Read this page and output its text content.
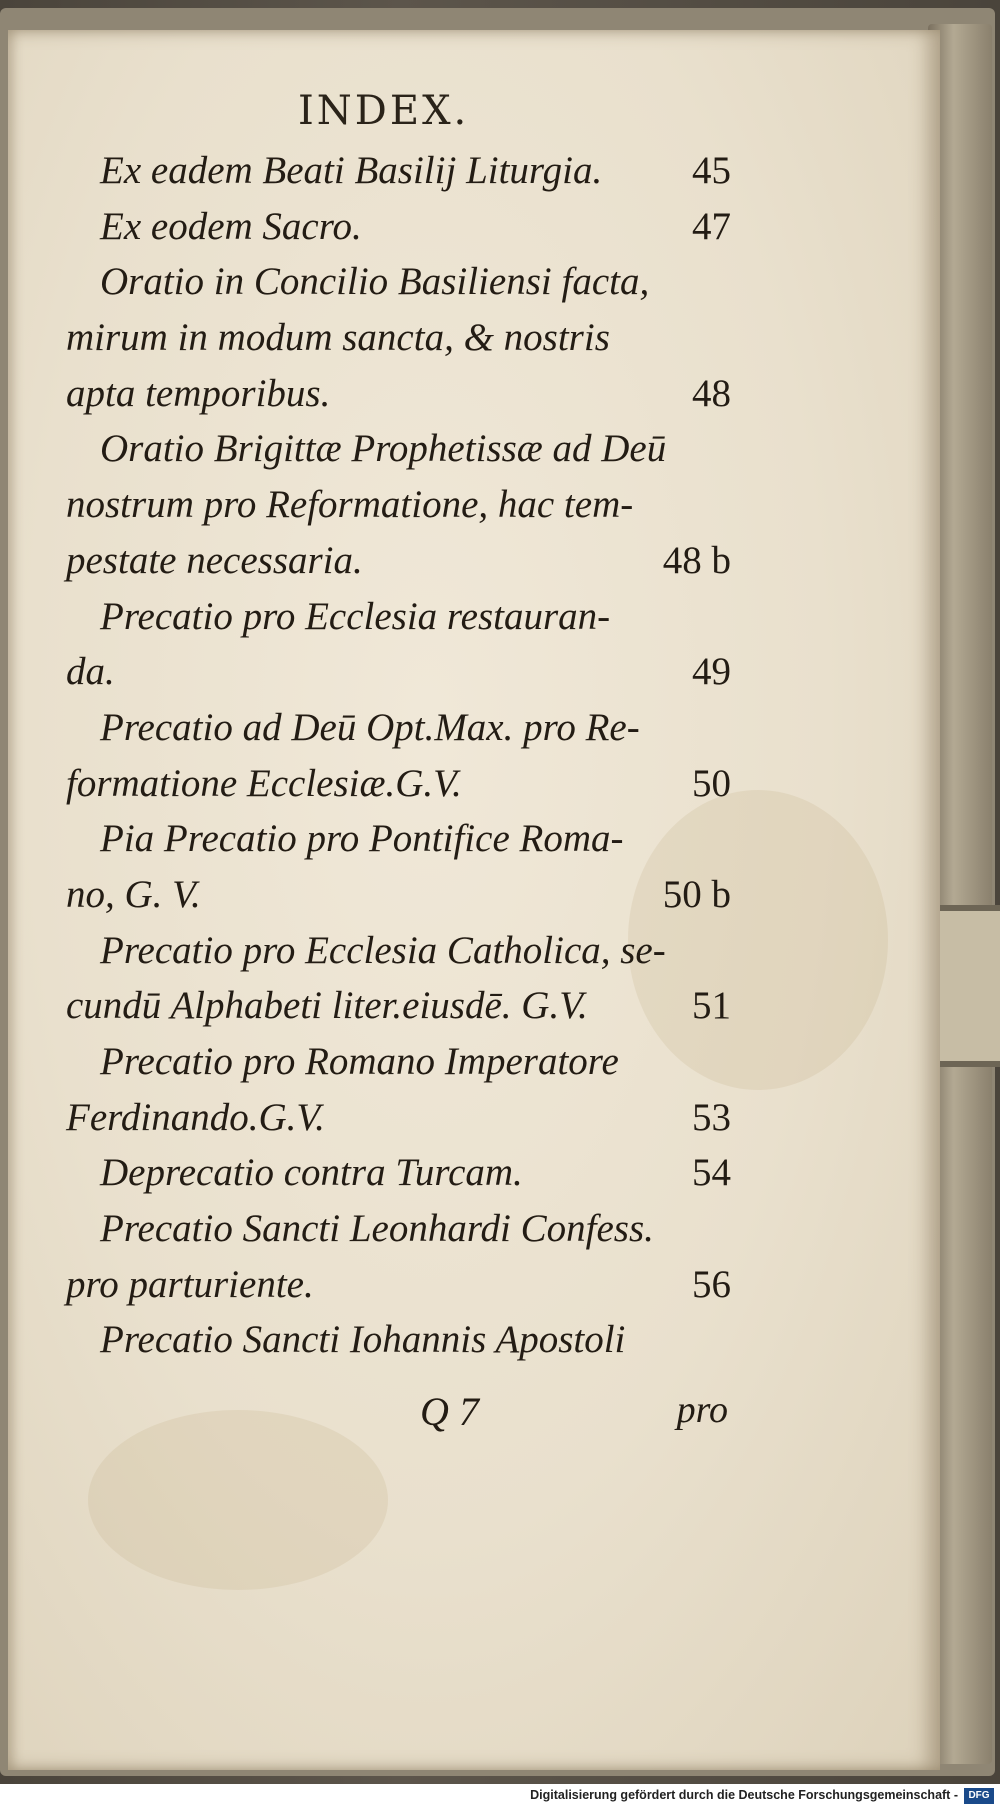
INDEX.
Ex eadem Beati Basilij Liturgia. 45
Ex eodem Sacro.	47
Oratio in Concilio Basiliensi facta,
mirum in modum sancta, & nostris
apta temporibus.	48
Oratio Brigittæ Prophetissæ ad Deū
nostrum pro Reformatione, hac tem-
pestate necessaria.	48 b
Precatio pro Ecclesia restauran-
da.	49
Precatio ad Deū Opt.Max. pro Re-
formatione Ecclesiæ.G.V.	50
Pia Precatio pro Pontifice Roma-
no, G. V.	50 b
Precatio pro Ecclesia Catholica, se-
cundū Alphabeti liter.eiusdē. G.V.	51
Precatio pro Romano Imperatore
Ferdinando.G.V.	53
Deprecatio contra Turcam.	54
Precatio Sancti Leonhardi Confess.
pro parturiente.	56
Precatio Sancti Iohannis Apostoli
Q 7	pro
Digitalisierung gefördert durch die Deutsche Forschungsgemeinschaft -	DFG
